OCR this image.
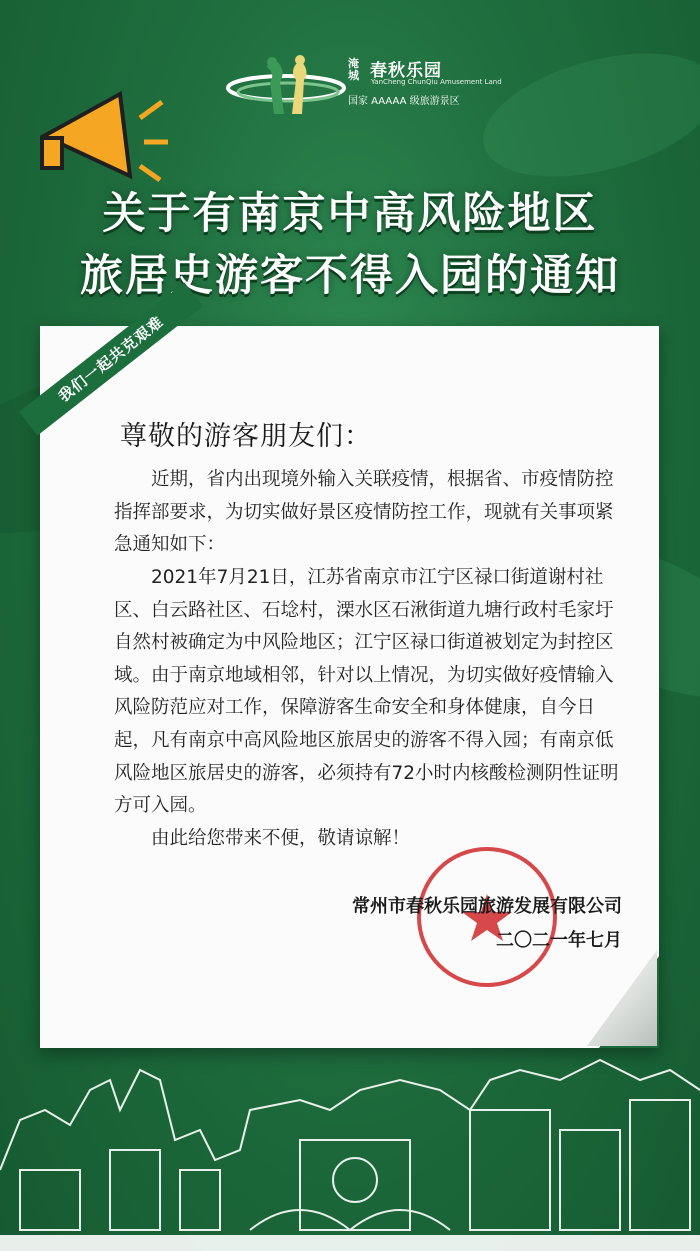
淹城 春秋乐园
YanCheng ChunQiu Amusement Land
国家 AAAAA 级旅游景区
关于有南京中高风险地区
旅居史游客不得入园的通知
我们一起共克艰难
尊敬的游客朋友们：
近期，省内出现境外输入关联疫情，根据省、市疫情防控指挥部要求，为切实做好景区疫情防控工作，现就有关事项紧急通知如下：
2021年7月21日，江苏省南京市江宁区禄口街道谢村社区、白云路社区、石埝村，溧水区石湫街道九塘行政村毛家圩自然村被确定为中风险地区；江宁区禄口街道被划定为封控区域。由于南京地域相邻，针对以上情况，为切实做好疫情输入风险防范应对工作，保障游客生命安全和身体健康，自今日起，凡有南京中高风险地区旅居史的游客不得入园；有南京低风险地区旅居史的游客，必须持有72小时内核酸检测阴性证明方可入园。
由此给您带来不便，敬请谅解！
常州市春秋乐园旅游发展有限公司
二〇二一年七月
